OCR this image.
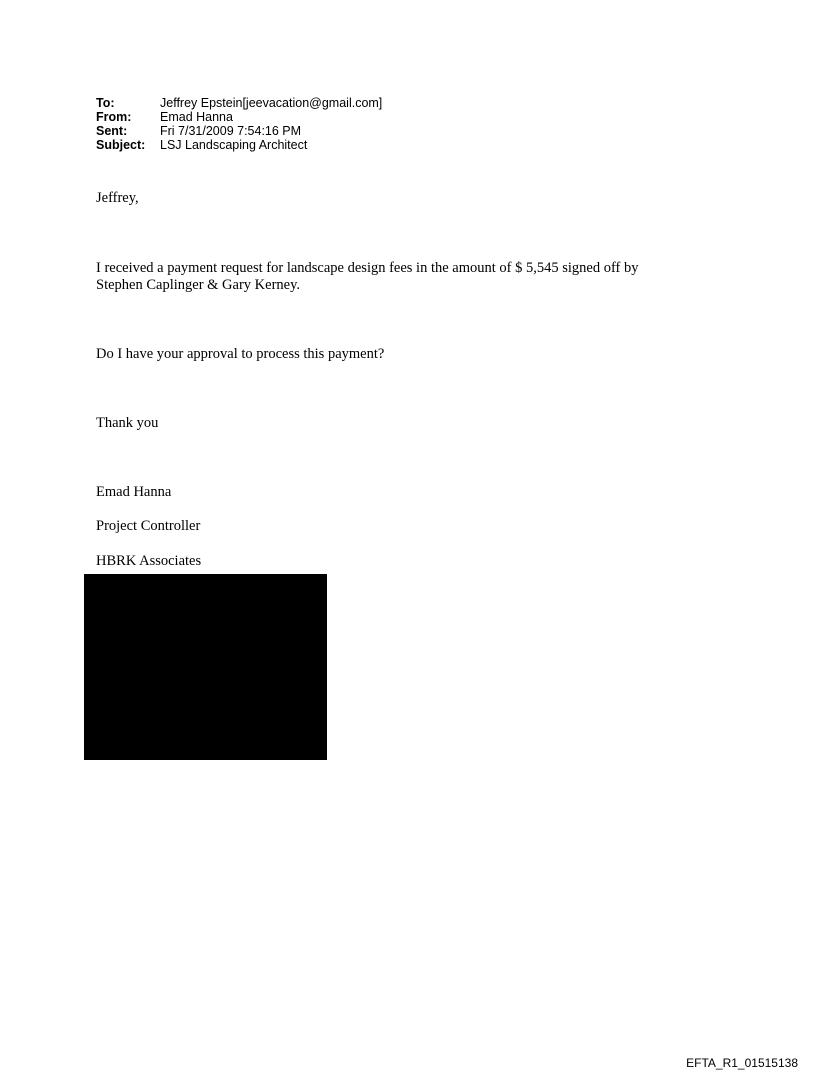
To:	Jeffrey Epstein[jeevacation@gmail.com]
From:	Emad Hanna
Sent:	Fri 7/31/2009 7:54:16 PM
Subject:	LSJ Landscaping Architect
Jeffrey,
I received a payment request for landscape design fees in the amount of $ 5,545 signed off by
Stephen Caplinger & Gary Kerney.
Do I have your approval to process this payment?
Thank you
Emad Hanna
Project Controller
HBRK Associates
EFTA_R1_01515138
